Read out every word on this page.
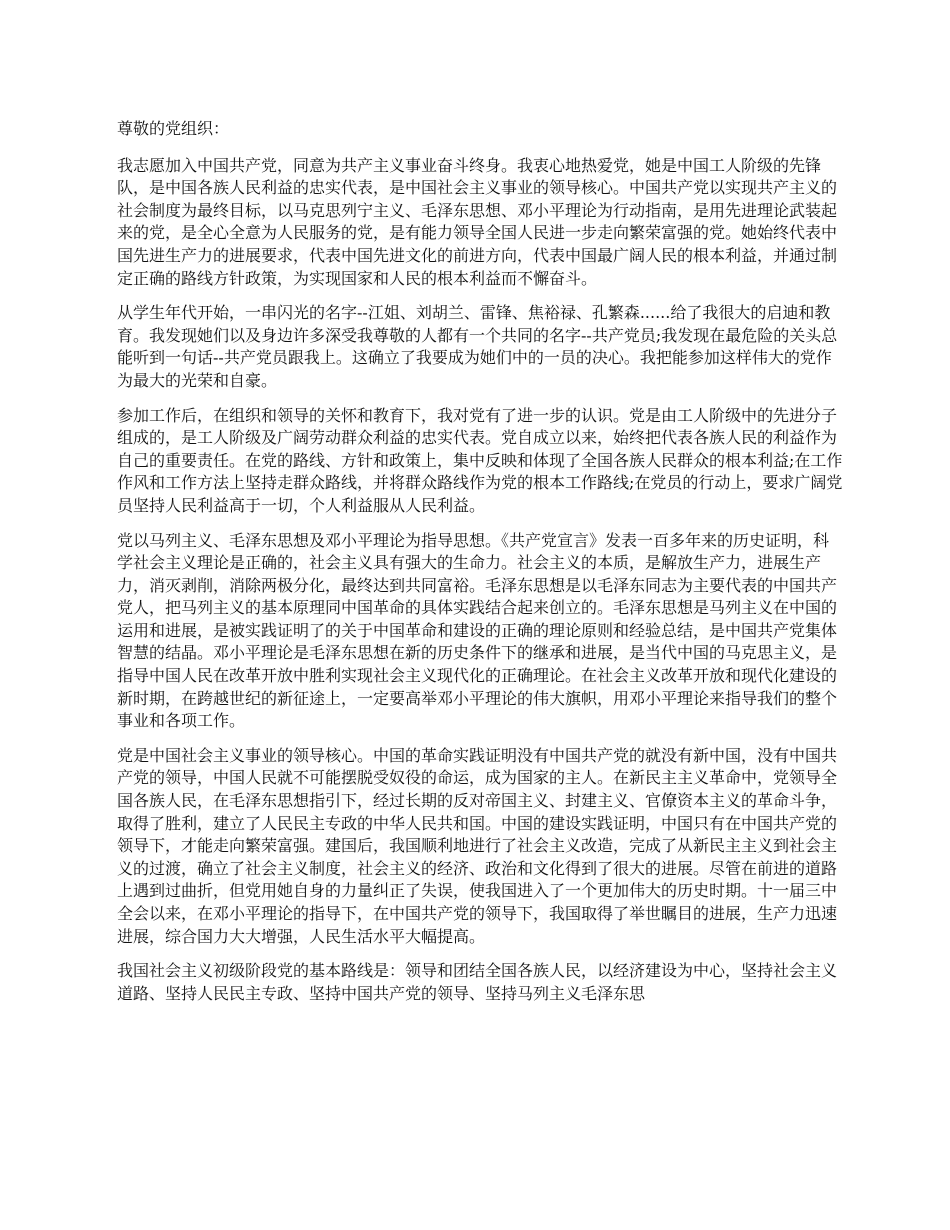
尊敬的党组织：

我志愿加入中国共产党，同意为共产主义事业奋斗终身。我衷心地热爱党，她是中国工人阶级的先锋队，是中国各族人民利益的忠实代表，是中国社会主义事业的领导核心。中国共产党以实现共产主义的社会制度为最终目标，以马克思列宁主义、毛泽东思想、邓小平理论为行动指南，是用先进理论武装起来的党，是全心全意为人民服务的党，是有能力领导全国人民进一步走向繁荣富强的党。她始终代表中国先进生产力的进展要求，代表中国先进文化的前进方向，代表中国最广阔人民的根本利益，并通过制定正确的路线方针政策，为实现国家和人民的根本利益而不懈奋斗。

从学生年代开始，一串闪光的名字--江姐、刘胡兰、雷锋、焦裕禄、孔繁森......给了我很大的启迪和教育。我发现她们以及身边许多深受我尊敬的人都有一个共同的名字--共产党员;我发现在最危险的关头总能听到一句话--共产党员跟我上。这确立了我要成为她们中的一员的决心。我把能参加这样伟大的党作为最大的光荣和自豪。

参加工作后，在组织和领导的关怀和教育下，我对党有了进一步的认识。党是由工人阶级中的先进分子组成的，是工人阶级及广阔劳动群众利益的忠实代表。党自成立以来，始终把代表各族人民的利益作为自己的重要责任。在党的路线、方针和政策上，集中反映和体现了全国各族人民群众的根本利益;在工作作风和工作方法上坚持走群众路线，并将群众路线作为党的根本工作路线;在党员的行动上，要求广阔党员坚持人民利益高于一切，个人利益服从人民利益。

党以马列主义、毛泽东思想及邓小平理论为指导思想。《共产党宣言》发表一百多年来的历史证明，科学社会主义理论是正确的，社会主义具有强大的生命力。社会主义的本质，是解放生产力，进展生产力，消灭剥削，消除两极分化，最终达到共同富裕。毛泽东思想是以毛泽东同志为主要代表的中国共产党人，把马列主义的基本原理同中国革命的具体实践结合起来创立的。毛泽东思想是马列主义在中国的运用和进展，是被实践证明了的关于中国革命和建设的正确的理论原则和经验总结，是中国共产党集体智慧的结晶。邓小平理论是毛泽东思想在新的历史条件下的继承和进展，是当代中国的马克思主义，是指导中国人民在改革开放中胜利实现社会主义现代化的正确理论。在社会主义改革开放和现代化建设的新时期，在跨越世纪的新征途上，一定要高举邓小平理论的伟大旗帜，用邓小平理论来指导我们的整个事业和各项工作。

党是中国社会主义事业的领导核心。中国的革命实践证明没有中国共产党的就没有新中国，没有中国共产党的领导，中国人民就不可能摆脱受奴役的命运，成为国家的主人。在新民主主义革命中，党领导全国各族人民，在毛泽东思想指引下，经过长期的反对帝国主义、封建主义、官僚资本主义的革命斗争，取得了胜利，建立了人民民主专政的中华人民共和国。中国的建设实践证明，中国只有在中国共产党的领导下，才能走向繁荣富强。建国后，我国顺利地进行了社会主义改造，完成了从新民主主义到社会主义的过渡，确立了社会主义制度，社会主义的经济、政治和文化得到了很大的进展。尽管在前进的道路上遇到过曲折，但党用她自身的力量纠正了失误，使我国进入了一个更加伟大的历史时期。十一届三中全会以来，在邓小平理论的指导下，在中国共产党的领导下，我国取得了举世瞩目的进展，生产力迅速进展，综合国力大大增强，人民生活水平大幅提高。

我国社会主义初级阶段党的基本路线是：领导和团结全国各族人民，以经济建设为中心，坚持社会主义道路、坚持人民民主专政、坚持中国共产党的领导、坚持马列主义毛泽东思
